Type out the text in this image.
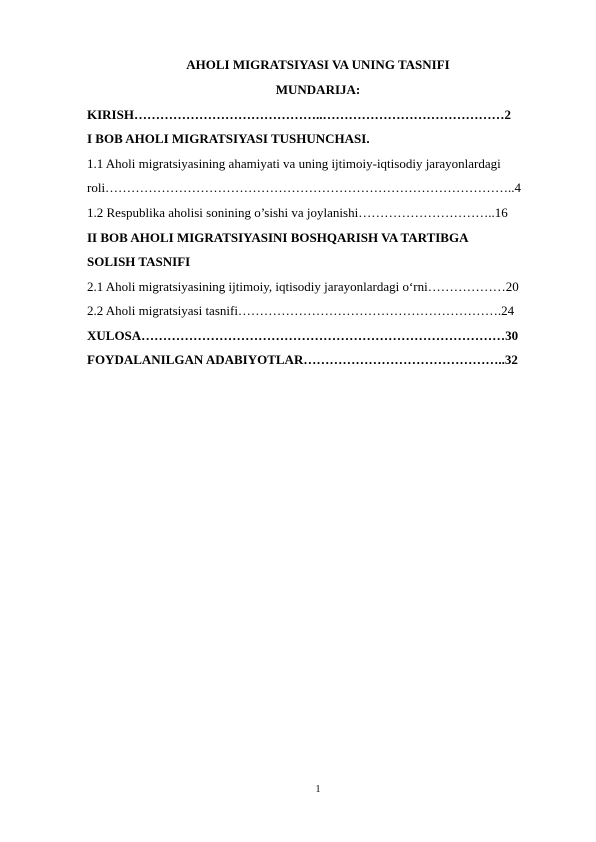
AHOLI MIGRATSIYASI VA UNING TASNIFI
MUNDARIJA:
KIRISH……………………………………..……………………………………2
I BOB AHOLI MIGRATSIYASI TUSHUNCHASI.
1.1 Aholi migratsiyasining ahamiyati va uning ijtimoiy-iqtisodiy jarayonlardagi
roli…………………………………………………………………………………..4
1.2 Respublika aholisi sonining o’sishi va joylanishi…………………………..16
II BOB AHOLI MIGRATSIYASINI BOSHQARISH VA TARTIBGA
SOLISH TASNIFI
2.1 Aholi migratsiyasining ijtimoiy, iqtisodiy jarayonlardagi o‘rni………………20
2.2 Aholi migratsiyasi tasnifi…………………………………………………….24
XULOSA…………………………………………………………………………30
FOYDALANILGAN ADABIYOTLAR………………………………………..32
1
